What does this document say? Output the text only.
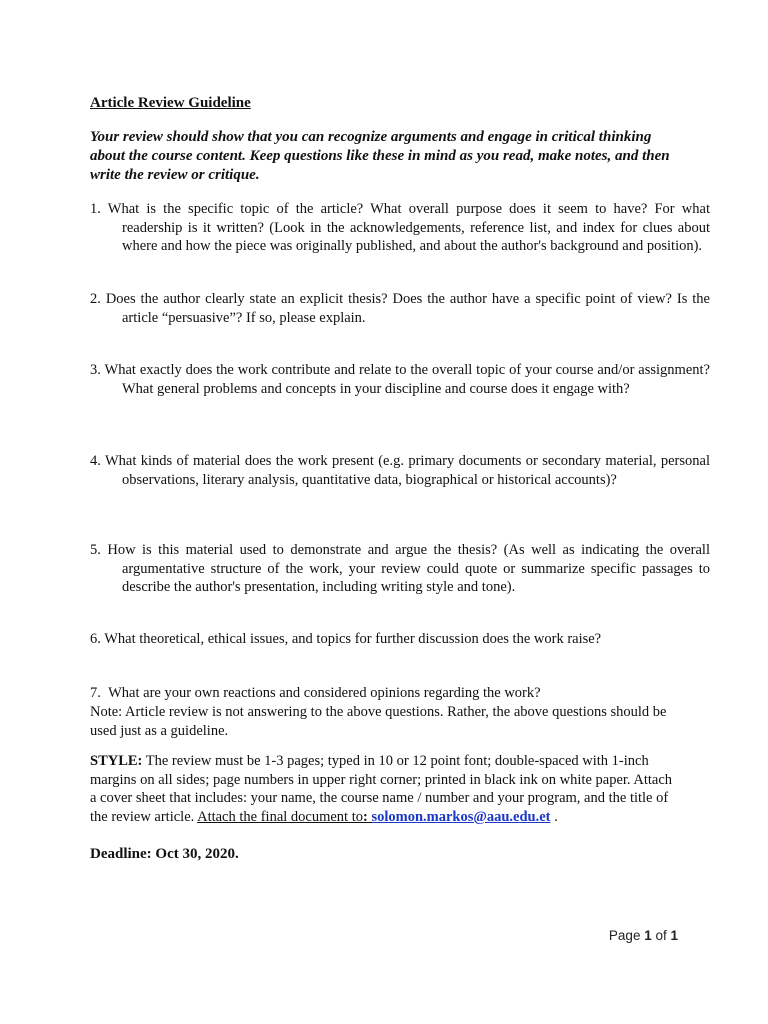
Article Review Guideline

Your review should show that you can recognize arguments and engage in critical thinking about the course content. Keep questions like these in mind as you read, make notes, and then write the review or critique.

1. What is the specific topic of the article? What overall purpose does it seem to have? For what readership is it written? (Look in the acknowledgements, reference list, and index for clues about where and how the piece was originally published, and about the author's background and position).

2. Does the author clearly state an explicit thesis? Does the author have a specific point of view? Is the article “persuasive”? If so, please explain.

3. What exactly does the work contribute and relate to the overall topic of your course and/or assignment? What general problems and concepts in your discipline and course does it engage with?

4. What kinds of material does the work present (e.g. primary documents or secondary material, personal observations, literary analysis, quantitative data, biographical or historical accounts)?

5. How is this material used to demonstrate and argue the thesis? (As well as indicating the overall argumentative structure of the work, your review could quote or summarize specific passages to describe the author's presentation, including writing style and tone).

6. What theoretical, ethical issues, and topics for further discussion does the work raise?

7. What are your own reactions and considered opinions regarding the work?

Note: Article review is not answering to the above questions. Rather, the above questions should be used just as a guideline.

STYLE: The review must be 1-3 pages; typed in 10 or 12 point font; double-spaced with 1-inch margins on all sides; page numbers in upper right corner; printed in black ink on white paper. Attach a cover sheet that includes: your name, the course name / number and your program, and the title of the review article. Attach the final document to: solomon.markos@aau.edu.et .

Deadline: Oct 30, 2020.

Page 1 of 1
